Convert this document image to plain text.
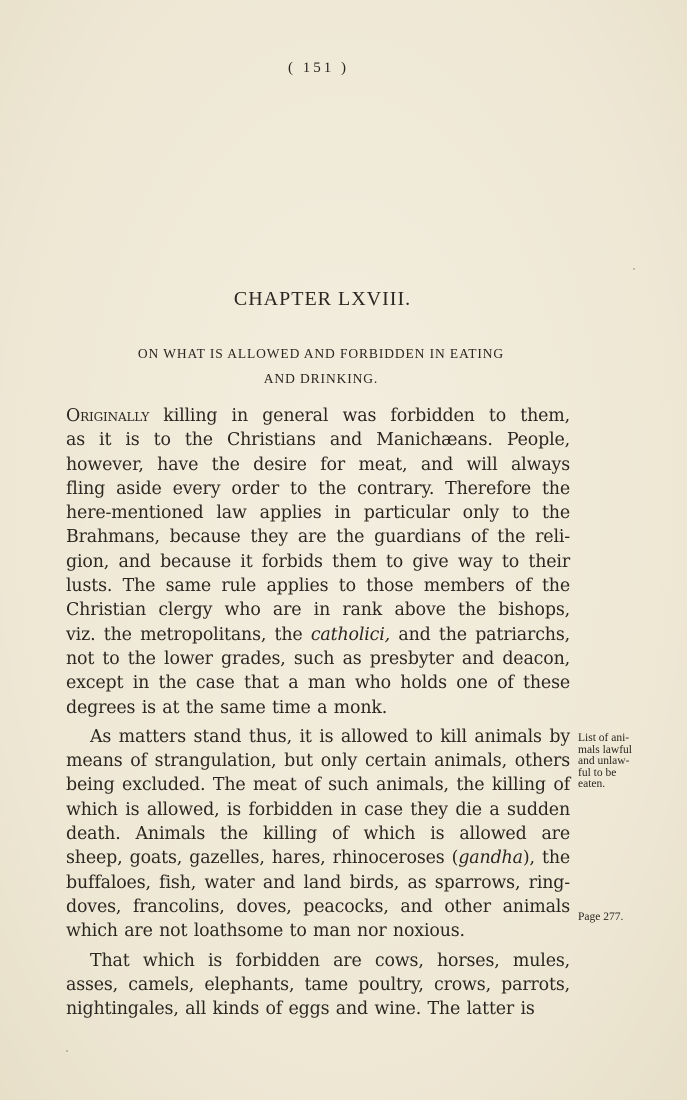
( 151 )
CHAPTER LXVIII.
ON WHAT IS ALLOWED AND FORBIDDEN IN EATING
AND DRINKING.
Originally killing in general was forbidden to them,
as it is to the Christians and Manichæans. People,
however, have the desire for meat, and will always
fling aside every order to the contrary. Therefore the
here-mentioned law applies in particular only to the
Brahmans, because they are the guardians of the reli-
gion, and because it forbids them to give way to their
lusts. The same rule applies to those members of the
Christian clergy who are in rank above the bishops,
viz. the metropolitans, the catholici, and the patriarchs,
not to the lower grades, such as presbyter and deacon,
except in the case that a man who holds one of these
degrees is at the same time a monk.
As matters stand thus, it is allowed to kill animals by
means of strangulation, but only certain animals, others
being excluded. The meat of such animals, the killing of
which is allowed, is forbidden in case they die a sudden
death. Animals the killing of which is allowed are
sheep, goats, gazelles, hares, rhinoceroses (gandha), the
buffaloes, fish, water and land birds, as sparrows, ring-
doves, francolins, doves, peacocks, and other animals
which are not loathsome to man nor noxious.
That which is forbidden are cows, horses, mules,
asses, camels, elephants, tame poultry, crows, parrots,
nightingales, all kinds of eggs and wine. The latter is
List of ani-
mals lawful
and unlaw-
ful to be
eaten.
Page 277.
